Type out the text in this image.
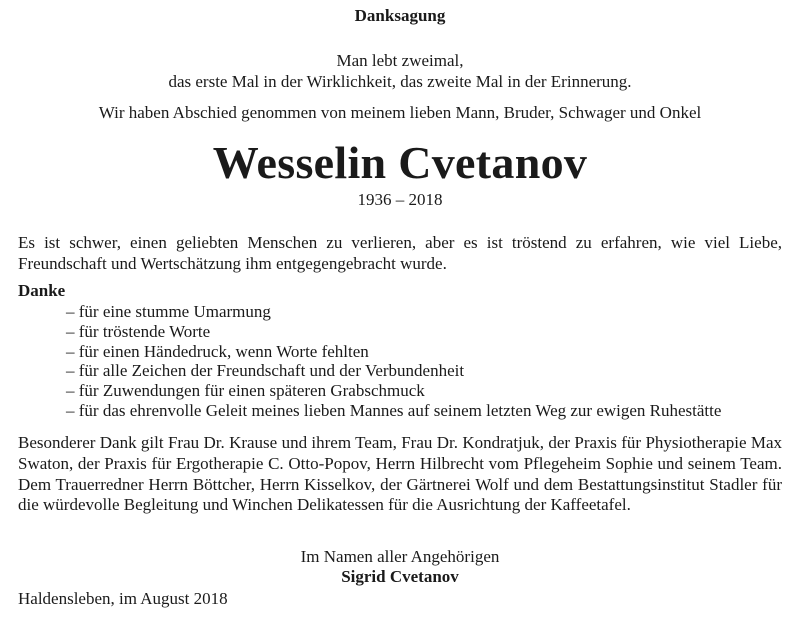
Danksagung
Man lebt zweimal,
das erste Mal in der Wirklichkeit, das zweite Mal in der Erinnerung.
Wir haben Abschied genommen von meinem lieben Mann, Bruder, Schwager und Onkel
Wesselin Cvetanov
1936 – 2018
Es ist schwer, einen geliebten Menschen zu verlieren, aber es ist tröstend zu erfahren, wie viel Liebe, Freundschaft und Wertschätzung ihm entgegengebracht wurde.
Danke
– für eine stumme Umarmung
– für tröstende Worte
– für einen Händedruck, wenn Worte fehlten
– für alle Zeichen der Freundschaft und der Verbundenheit
– für Zuwendungen für einen späteren Grabschmuck
– für das ehrenvolle Geleit meines lieben Mannes auf seinem letzten Weg zur ewigen Ruhestätte
Besonderer Dank gilt Frau Dr. Krause und ihrem Team, Frau Dr. Kondratjuk, der Praxis für Physiotherapie Max Swaton, der Praxis für Ergotherapie C. Otto-Popov, Herrn Hilbrecht vom Pflegeheim Sophie und seinem Team. Dem Trauerredner Herrn Böttcher, Herrn Kisselkov, der Gärtnerei Wolf und dem Bestattungsinstitut Stadler für die würdevolle Begleitung und Winchen Delikatessen für die Ausrichtung der Kaffeetafel.
Im Namen aller Angehörigen
Sigrid Cvetanov
Haldensleben, im August 2018
